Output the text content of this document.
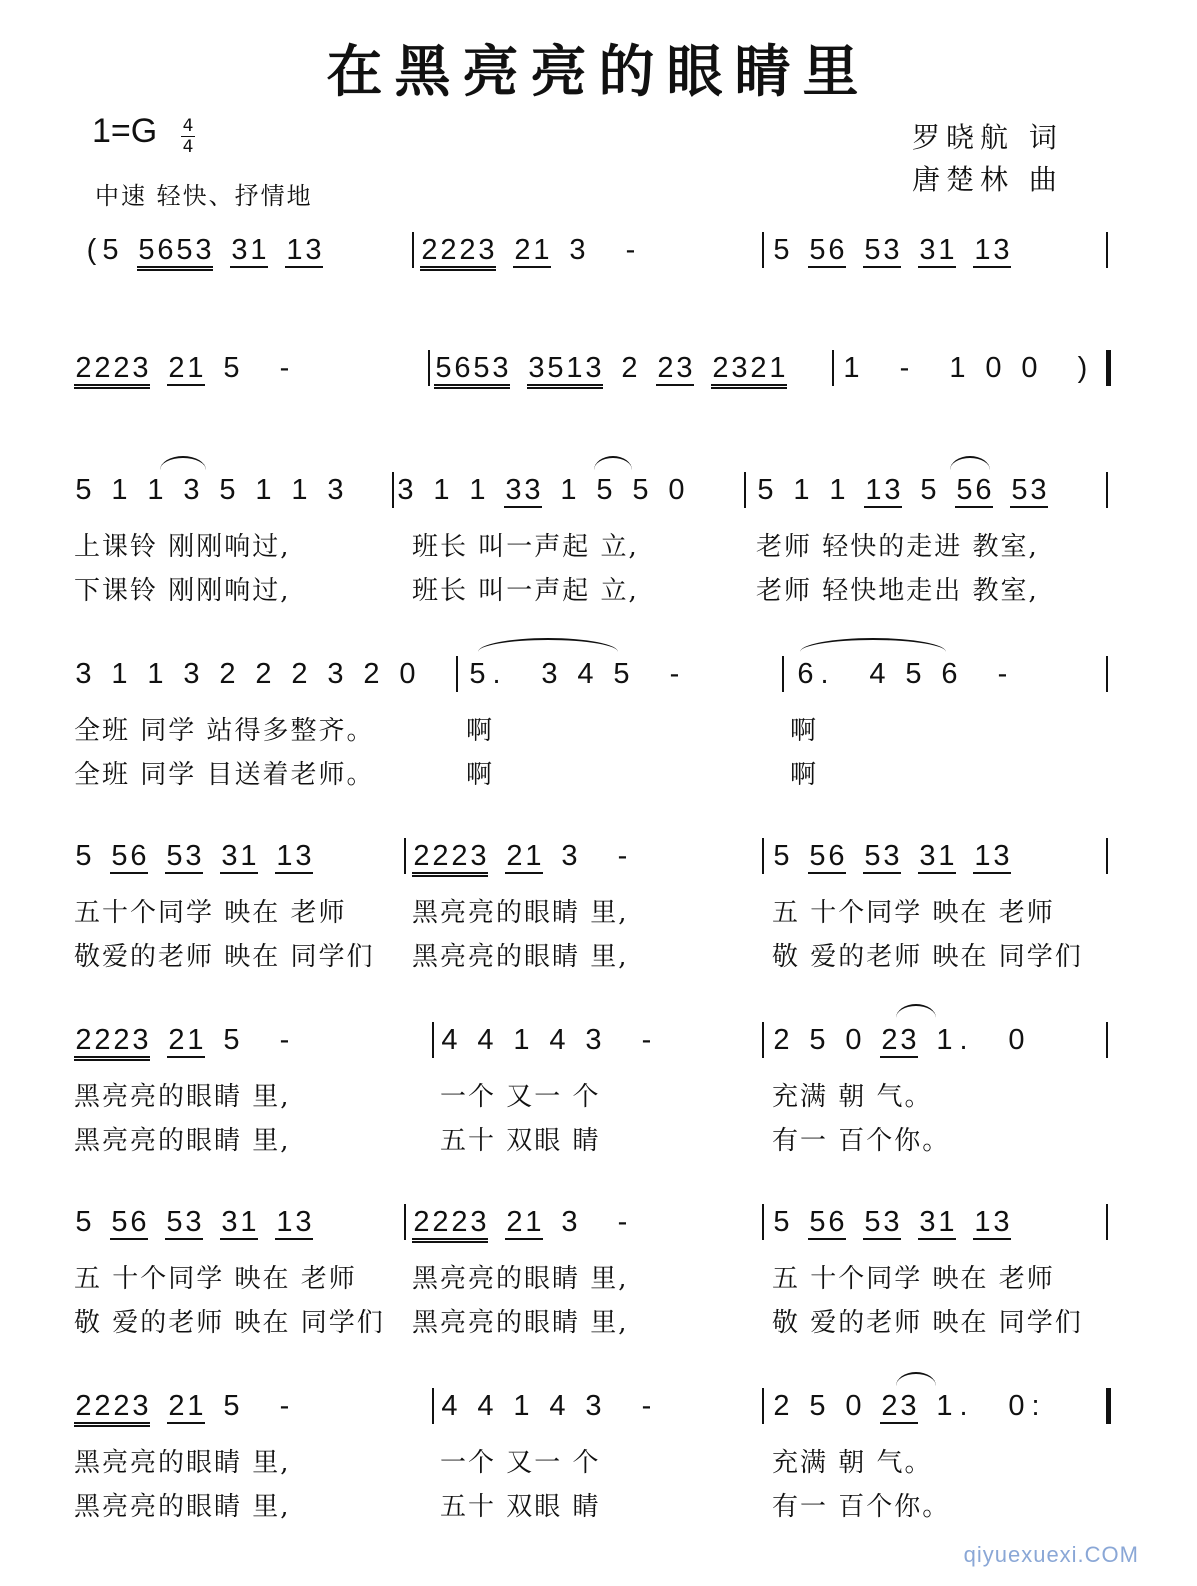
在黑亮亮的眼睛里
1=G 4
4
中速 轻快、抒情地
罗晓航 词
唐楚林 曲
( 5 5653 31 13	2223 21 3 -	5 56 53 31 13
2223 21 5 -	5653 3513 2 23 2321 1 - 1 0 0 )
5 1 1 3 5 1 1 3 3 1 1 33 1 5 5 0	5 1 1 13 5 56 53
上课铃 刚刚响过,	班长 叫一声起 立,	老师 轻快的走进 教室,
下课铃 刚刚响过,	班长 叫一声起 立,	老师 轻快地走出 教室,
3 1 1 3 2 2 2 3 2 0 5 . 3 4 5 -	6 . 4 5 6 -
全班 同学 站得多整齐。	啊	啊
全班 同学 目送着老师。	啊	啊
5 56 53 31 13	2223 21 3 -	5 56 53 31 13
五十个同学 映在 老师	黑亮亮的眼睛 里,	五 十个同学 映在 老师
敬爱的老师 映在 同学们 黑亮亮的眼睛 里,	敬 爱的老师 映在 同学们
2223 21 5 -	4 4 1 4 3 -	2 5 0 23 1 . 0
黑亮亮的眼睛 里,	一个 又一 个	充满 朝 气。
黑亮亮的眼睛 里,	五十 双眼 睛	有一 百个你。
5 56 53 31 13	2223 21 3 -	5 56 53 31 13
五 十个同学 映在 老师 黑亮亮的眼睛 里,	五 十个同学 映在 老师
敬 爱的老师 映在 同学们 黑亮亮的眼睛 里,	敬 爱的老师 映在 同学们
2223 21 5 -	4 4 1 4 3 -	2 5 0 23 1 . 0 :
黑亮亮的眼睛 里,	一个 又一 个	充满 朝 气。
黑亮亮的眼睛 里,	五十 双眼 睛	有一 百个你。
qiyuexuexi.COM
